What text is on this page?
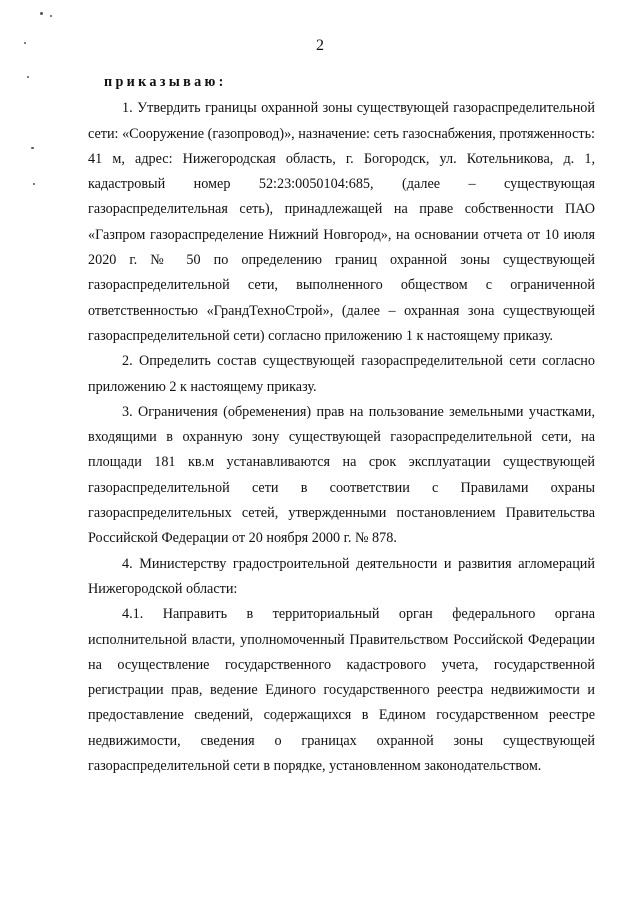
2

приказываю:

1. Утвердить границы охранной зоны существующей газораспределительной сети: «Сооружение (газопровод)», назначение: сеть газоснабжения, протяженность: 41 м, адрес: Нижегородская область, г. Богородск, ул. Котельникова, д. 1, кадастровый номер 52:23:0050104:685, (далее – существующая газораспределительная сеть), принадлежащей на праве собственности ПАО «Газпром газораспределение Нижний Новгород», на основании отчета от 10 июля 2020 г. № 50 по определению границ охранной зоны существующей газораспределительной сети, выполненного обществом с ограниченной ответственностью «ГрандТехноСтрой», (далее – охранная зона существующей газораспределительной сети) согласно приложению 1 к настоящему приказу.

2. Определить состав существующей газораспределительной сети согласно приложению 2 к настоящему приказу.

3. Ограничения (обременения) прав на пользование земельными участками, входящими в охранную зону существующей газораспределительной сети, на площади 181 кв.м устанавливаются на срок эксплуатации существующей газораспределительной сети в соответствии с Правилами охраны газораспределительных сетей, утвержденными постановлением Правительства Российской Федерации от 20 ноября 2000 г. № 878.

4. Министерству градостроительной деятельности и развития агломераций Нижегородской области:

4.1. Направить в территориальный орган федерального органа исполнительной власти, уполномоченный Правительством Российской Федерации на осуществление государственного кадастрового учета, государственной регистрации прав, ведение Единого государственного реестра недвижимости и предоставление сведений, содержащихся в Едином государственном реестре недвижимости, сведения о границах охранной зоны существующей газораспределительной сети в порядке, установленном законодательством.
